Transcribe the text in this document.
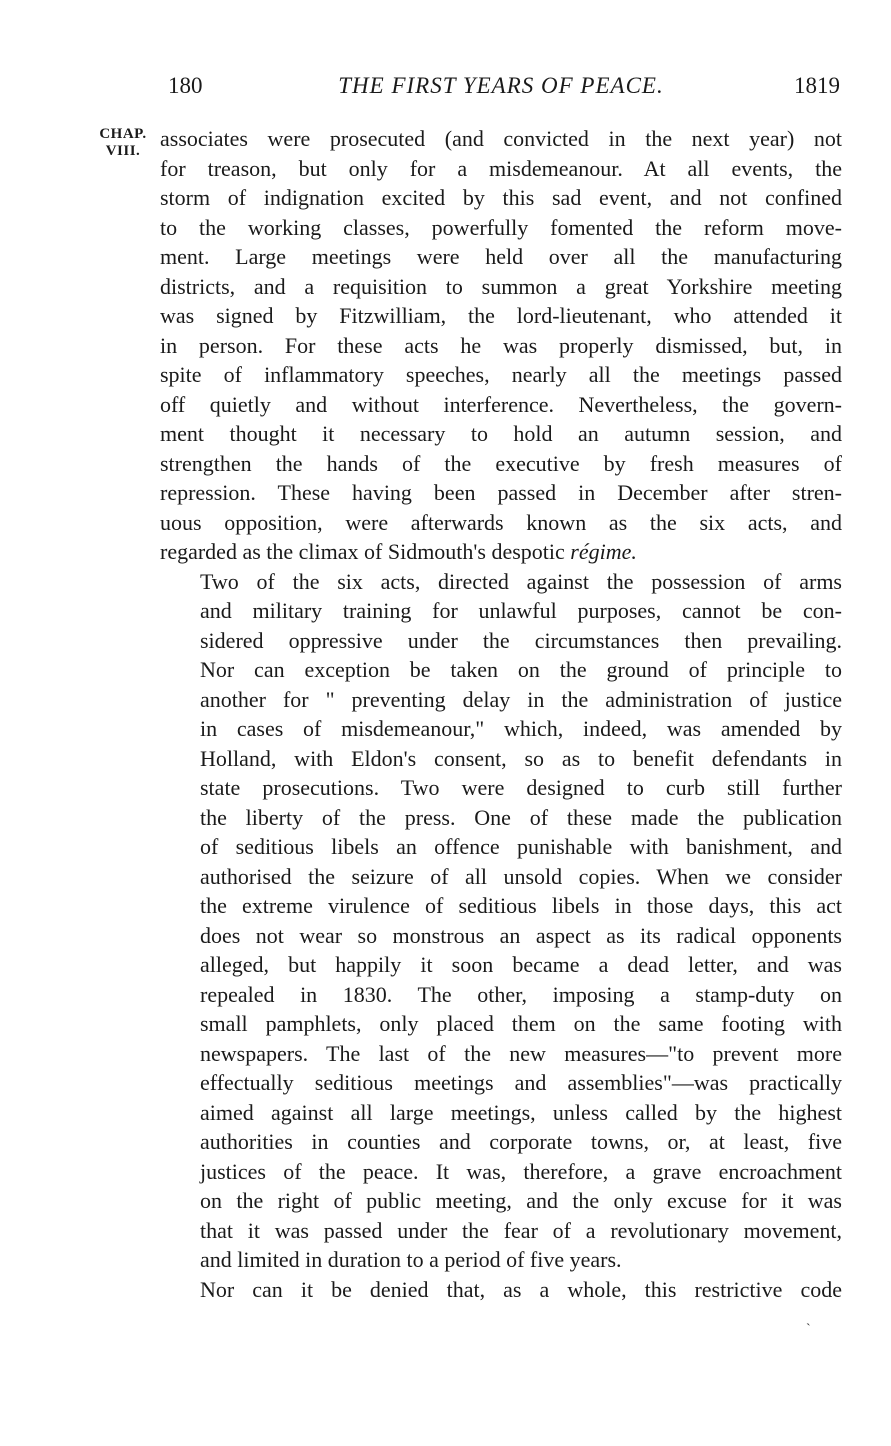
180	THE FIRST YEARS OF PEACE.	1819
CHAP.
VIII. associates were prosecuted (and convicted in the next year) not
for treason, but only for a misdemeanour. At all events, the
storm of indignation excited by this sad event, and not confined
to the working classes, powerfully fomented the reform move-
ment. Large meetings were held over all the manufacturing
districts, and a requisition to summon a great Yorkshire meeting
was signed by Fitzwilliam, the lord-lieutenant, who attended it
in person. For these acts he was properly dismissed, but, in
spite of inflammatory speeches, nearly all the meetings passed
off quietly and without interference. Nevertheless, the govern-
ment thought it necessary to hold an autumn session, and
strengthen the hands of the executive by fresh measures of
repression. These having been passed in December after stren-
uous opposition, were afterwards known as the six acts, and
regarded as the climax of Sidmouth's despotic régime.
Two of the six acts, directed against the possession of arms
and military training for unlawful purposes, cannot be con-
sidered oppressive under the circumstances then prevailing.
Nor can exception be taken on the ground of principle to
another for " preventing delay in the administration of justice
in cases of misdemeanour," which, indeed, was amended by
Holland, with Eldon's consent, so as to benefit defendants in
state prosecutions. Two were designed to curb still further
the liberty of the press. One of these made the publication
of seditious libels an offence punishable with banishment, and
authorised the seizure of all unsold copies. When we consider
the extreme virulence of seditious libels in those days, this act
does not wear so monstrous an aspect as its radical opponents
alleged, but happily it soon became a dead letter, and was
repealed in 1830. The other, imposing a stamp-duty on
small pamphlets, only placed them on the same footing with
newspapers. The last of the new measures—"to prevent more
effectually seditious meetings and assemblies"—was practically
aimed against all large meetings, unless called by the highest
authorities in counties and corporate towns, or, at least, five
justices of the peace. It was, therefore, a grave encroachment
on the right of public meeting, and the only excuse for it was
that it was passed under the fear of a revolutionary movement,
and limited in duration to a period of five years.
Nor can it be denied that, as a whole, this restrictive code
`
